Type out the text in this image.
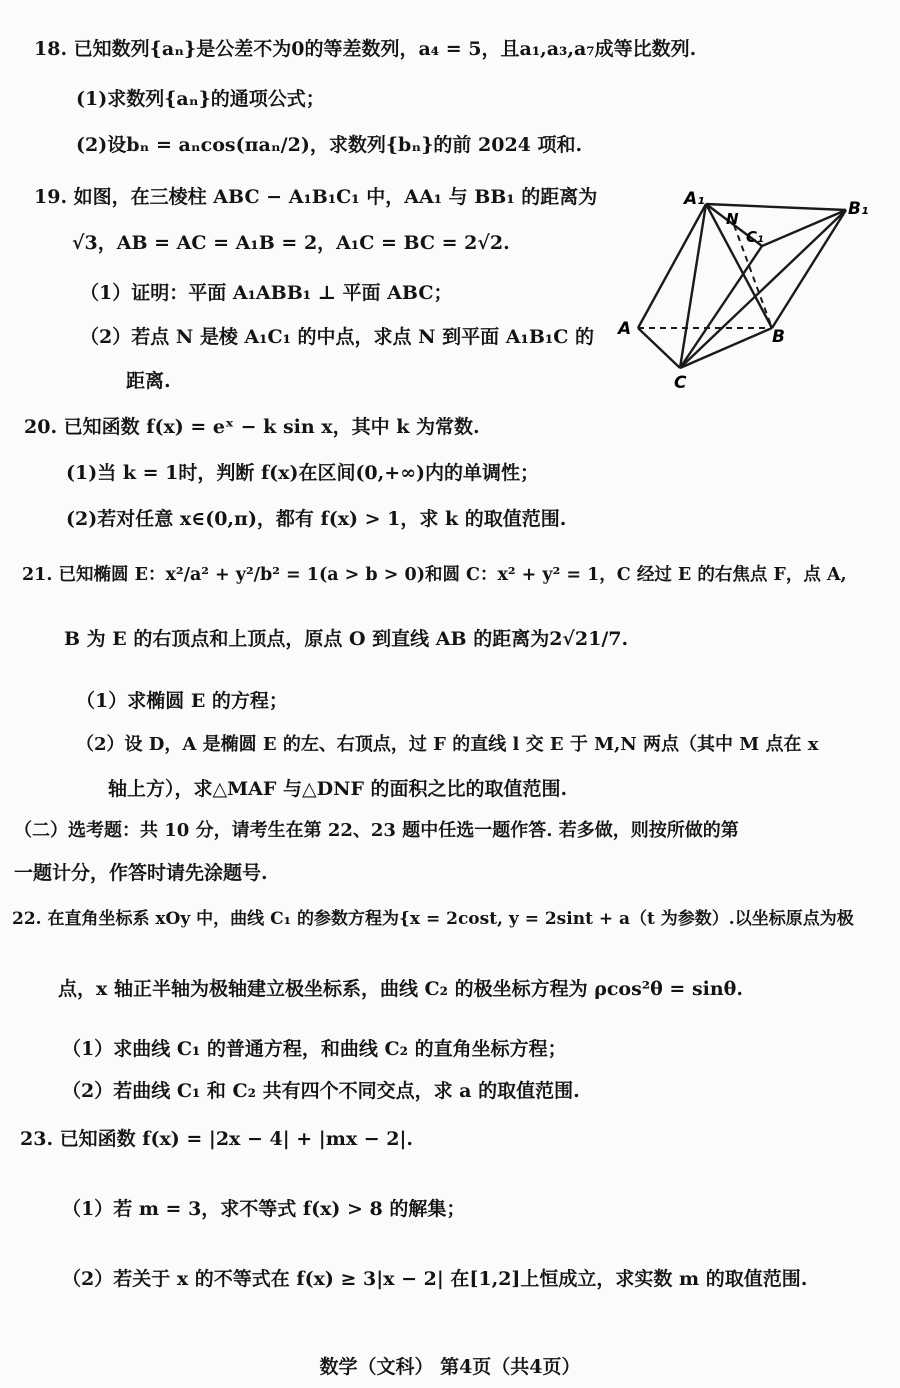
18. 已知数列{aₙ}是公差不为0的等差数列，a₄ = 5，且a₁,a₃,a₇成等比数列.
(1)求数列{aₙ}的通项公式；
(2)设bₙ = aₙcos(πaₙ/2)，求数列{bₙ}的前 2024 项和.
19. 如图，在三棱柱 ABC − A₁B₁C₁ 中，AA₁ 与 BB₁ 的距离为
√3，AB = AC = A₁B = 2，A₁C = BC = 2√2.
（1）证明：平面 A₁ABB₁ ⊥ 平面 ABC；
（2）若点 N 是棱 A₁C₁ 的中点，求点 N 到平面 A₁B₁C 的
距离.
A₁	B₁
N
C₁
A	B
C
20. 已知函数 f(x) = eˣ − k sin x，其中 k 为常数.
(1)当 k = 1时，判断 f(x)在区间(0,+∞)内的单调性；
(2)若对任意 x∈(0,π)，都有 f(x) > 1，求 k 的取值范围.
21. 已知椭圆 E：x²/a² + y²/b² = 1(a > b > 0)和圆 C：x² + y² = 1，C 经过 E 的右焦点 F，点 A,
B 为 E 的右顶点和上顶点，原点 O 到直线 AB 的距离为2√21/7.
（1）求椭圆 E 的方程；
（2）设 D，A 是椭圆 E 的左、右顶点，过 F 的直线 l 交 E 于 M,N 两点（其中 M 点在 x
轴上方），求△MAF 与△DNF 的面积之比的取值范围.
（二）选考题：共 10 分，请考生在第 22、23 题中任选一题作答. 若多做，则按所做的第
一题计分，作答时请先涂题号.
22. 在直角坐标系 xOy 中，曲线 C₁ 的参数方程为{x = 2cost, y = 2sint + a（t 为参数）.以坐标原点为极
点，x 轴正半轴为极轴建立极坐标系，曲线 C₂ 的极坐标方程为 ρcos²θ = sinθ.
（1）求曲线 C₁ 的普通方程，和曲线 C₂ 的直角坐标方程；
（2）若曲线 C₁ 和 C₂ 共有四个不同交点，求 a 的取值范围.
23. 已知函数 f(x) = |2x − 4| + |mx − 2|.
（1）若 m = 3，求不等式 f(x) > 8 的解集；
（2）若关于 x 的不等式在 f(x) ≥ 3|x − 2| 在[1,2]上恒成立，求实数 m 的取值范围.
数学（文科） 第4页（共4页）
